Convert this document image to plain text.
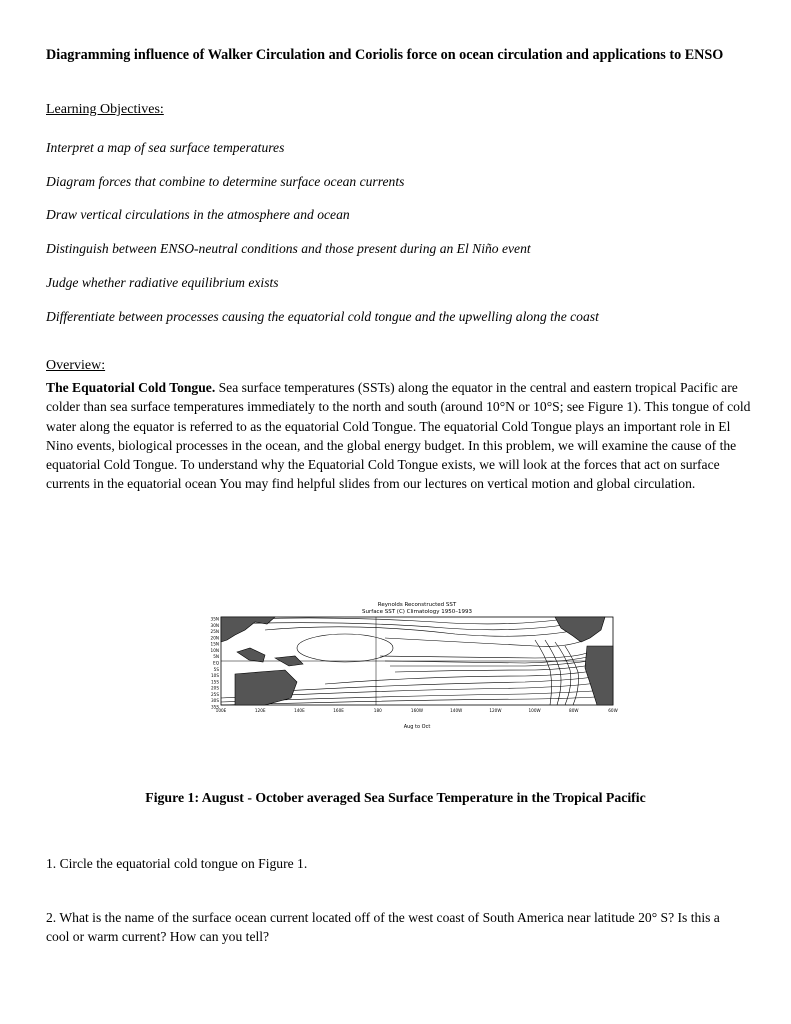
Diagramming influence of Walker Circulation and Coriolis force on ocean circulation and applications to ENSO
Learning Objectives:
Interpret a map of sea surface temperatures
Diagram forces that combine to determine surface ocean currents
Draw vertical circulations in the atmosphere and ocean
Distinguish between ENSO-neutral conditions and those present during an El Niño event
Judge whether radiative equilibrium exists
Differentiate between processes causing the equatorial cold tongue and the upwelling along the coast
Overview:
The Equatorial Cold Tongue. Sea surface temperatures (SSTs) along the equator in the central and eastern tropical Pacific are colder than sea surface temperatures immediately to the north and south (around 10°N or 10°S; see Figure 1). This tongue of cold water along the equator is referred to as the equatorial Cold Tongue. The equatorial Cold Tongue plays an important role in El Nino events, biological processes in the ocean, and the global energy budget. In this problem, we will examine the cause of the equatorial Cold Tongue. To understand why the Equatorial Cold Tongue exists, we will look at the forces that act on surface currents in the equatorial ocean You may find helpful slides from our lectures on vertical motion and global circulation.
Reynolds Reconstructed SST
Surface SST (C) Climatology 1950–1993
35N
30N
25N
20N
15N
10N
5N
EQ
5S
10S
15S
20S
25S
30S
35S
100E	120E	140E	160E	180	160W	140W	120W	100W	80W	60W
Aug to Oct
Figure 1: August - October averaged Sea Surface Temperature in the Tropical Pacific
1. Circle the equatorial cold tongue on Figure 1.
2. What is the name of the surface ocean current located off of the west coast of South America near latitude 20° S? Is this a cool or warm current? How can you tell?
